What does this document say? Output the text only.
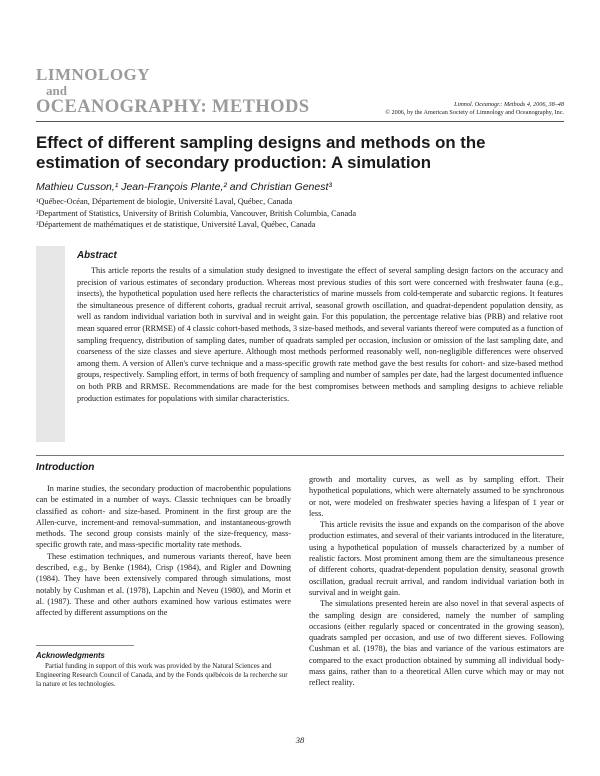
LIMNOLOGY
and
OCEANOGRAPHY: METHODS	Limnol. Oceanogr.: Methods 4, 2006, 38–48
© 2006, by the American Society of Limnology and Oceanography, Inc.
Effect of different sampling designs and methods on the estimation of secondary production: A simulation

Mathieu Cusson,¹ Jean-François Plante,² and Christian Genest³

¹Québec-Océan, Département de biologie, Université Laval, Québec, Canada
²Department of Statistics, University of British Columbia, Vancouver, British Columbia, Canada
³Département de mathématiques et de statistique, Université Laval, Québec, Canada
Abstract

This article reports the results of a simulation study designed to investigate the effect of several sampling design factors on the accuracy and precision of various estimates of secondary production. Whereas most previous studies of this sort were concerned with freshwater fauna (e.g., insects), the hypothetical population used here reflects the characteristics of marine mussels from cold-temperate and subarctic regions. It features the simultaneous presence of different cohorts, gradual recruit arrival, seasonal growth oscillation, and quadrat-dependent population density, as well as random individual variation both in survival and in weight gain. For this population, the percentage relative bias (PRB) and relative root mean squared error (RRMSE) of 4 classic cohort-based methods, 3 size-based methods, and several variants thereof were computed as a function of sampling frequency, distribution of sampling dates, number of quadrats sampled per occasion, inclusion or omission of the last sampling date, and coarseness of the size classes and sieve aperture. Although most methods performed reasonably well, non-negligible differences were observed among them. A version of Allen's curve technique and a mass-specific growth rate method gave the best results for cohort- and size-based method groups, respectively. Sampling effort, in terms of both frequency of sampling and number of samples per date, had the largest documented influence on both PRB and RRMSE. Recommendations are made for the best compromises between methods and sampling designs to achieve reliable production estimates for populations with similar characteristics.

Introduction

In marine studies, the secondary production of macrobenthic populations can be estimated in a number of ways. Classic techniques can be broadly classified as cohort- and size-based. Prominent in the first group are the Allen-curve, increment-and removal-summation, and instantaneous-growth methods. The second group consists mainly of the size-frequency, mass-specific growth rate, and mass-specific mortality rate methods.

These estimation techniques, and numerous variants thereof, have been described, e.g., by Benke (1984), Crisp (1984), and Rigler and Downing (1984). They have been extensively compared through simulations, most notably by Cushman et al. (1978), Lapchin and Neveu (1980), and Morin et al. (1987). These and other authors examined how various estimates were affected by different assumptions on the

growth and mortality curves, as well as by sampling effort. Their hypothetical populations, which were alternately assumed to be synchronous or not, were modeled on freshwater species having a lifespan of 1 year or less.

This article revisits the issue and expands on the comparison of the above production estimates, and several of their variants introduced in the literature, using a hypothetical population of mussels characterized by a number of realistic factors. Most prominent among them are the simultaneous presence of different cohorts, quadrat-dependent population density, seasonal growth oscillation, gradual recruit arrival, and random individual variation both in survival and in weight gain.

The simulations presented herein are also novel in that several aspects of the sampling design are considered, namely the number of sampling occasions (either regularly spaced or concentrated in the growing season), quadrats sampled per occasion, and use of two different sieves. Following Cushman et al. (1978), the bias and variance of the various estimators are compared to the exact production obtained by summing all individual body-mass gains, rather than to a theoretical Allen curve which may or may not reflect reality.

Acknowledgments
Partial funding in support of this work was provided by the Natural Sciences and Engineering Research Council of Canada, and by the Fonds québécois de la recherche sur la nature et les technologies.
38
